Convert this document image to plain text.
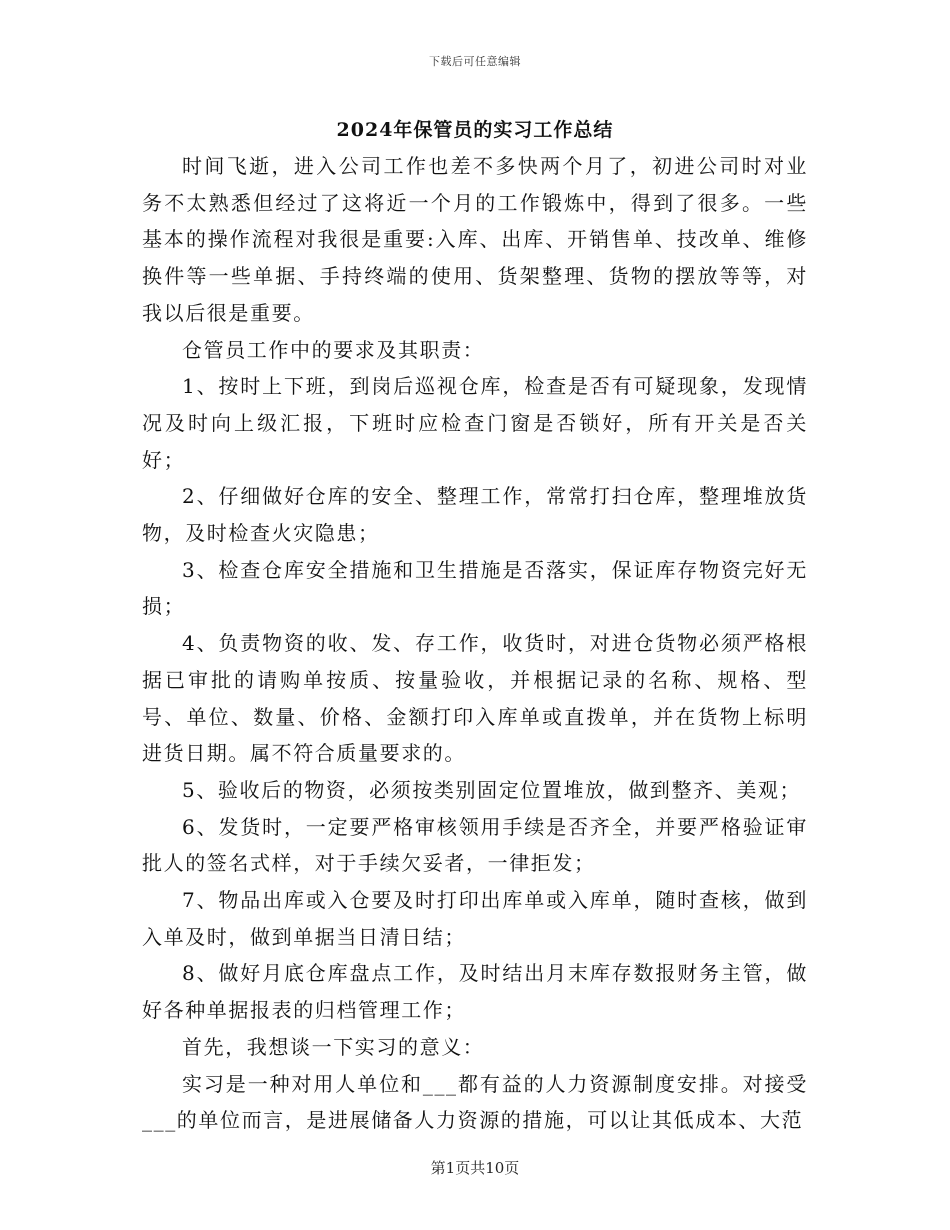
下载后可任意编辑
2024年保管员的实习工作总结

时间飞逝，进入公司工作也差不多快两个月了，初进公司时对业务不太熟悉但经过了这将近一个月的工作锻炼中，得到了很多。一些基本的操作流程对我很是重要:入库、出库、开销售单、技改单、维修换件等一些单据、手持终端的使用、货架整理、货物的摆放等等，对我以后很是重要。

仓管员工作中的要求及其职责：

1、按时上下班，到岗后巡视仓库，检查是否有可疑现象，发现情况及时向上级汇报，下班时应检查门窗是否锁好，所有开关是否关好；

2、仔细做好仓库的安全、整理工作，常常打扫仓库，整理堆放货物，及时检查火灾隐患；

3、检查仓库安全措施和卫生措施是否落实，保证库存物资完好无损；

4、负责物资的收、发、存工作，收货时，对进仓货物必须严格根据已审批的请购单按质、按量验收，并根据记录的名称、规格、型号、单位、数量、价格、金额打印入库单或直拨单，并在货物上标明进货日期。属不符合质量要求的。

5、验收后的物资，必须按类别固定位置堆放，做到整齐、美观；

6、发货时，一定要严格审核领用手续是否齐全，并要严格验证审批人的签名式样，对于手续欠妥者，一律拒发；

7、物品出库或入仓要及时打印出库单或入库单，随时查核，做到入单及时，做到单据当日清日结；

8、做好月底仓库盘点工作，及时结出月末库存数报财务主管，做好各种单据报表的归档管理工作；

首先，我想谈一下实习的意义：

实习是一种对用人单位和___都有益的人力资源制度安排。对接受___的单位而言，是进展储备人力资源的措施，可以让其低成本、大范

第1页共10页
